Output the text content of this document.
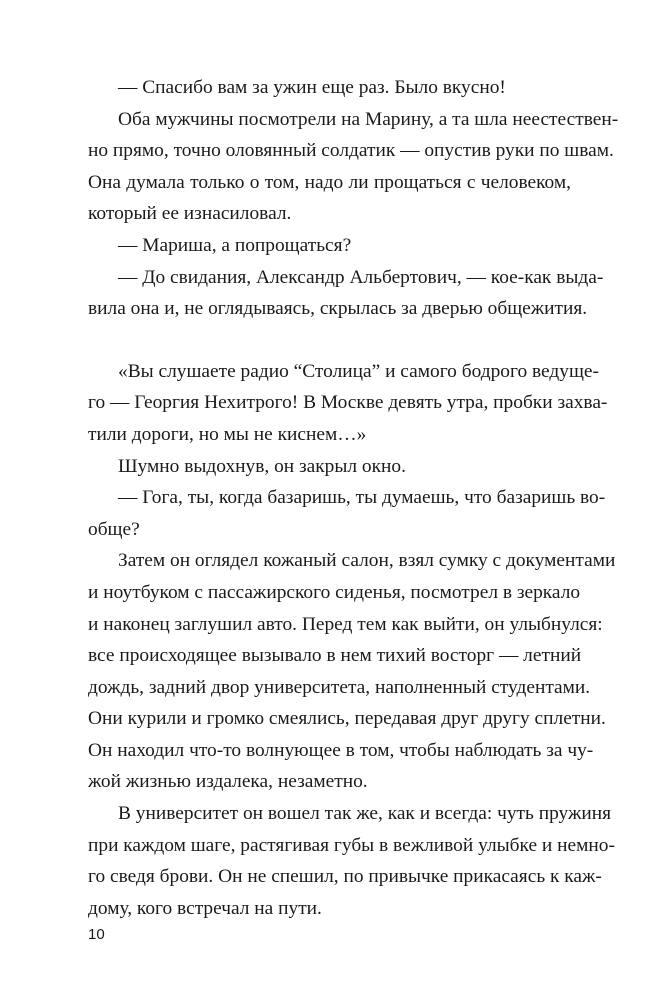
— Спасибо вам за ужин еще раз. Было вкусно!
Оба мужчины посмотрели на Марину, а та шла неестествен-
но прямо, точно оловянный солдатик — опустив руки по швам.
Она думала только о том, надо ли прощаться с человеком,
который ее изнасиловал.
— Мариша, а попрощаться?
— До свидания, Александр Альбертович, — кое-как выда-
вила она и, не оглядываясь, скрылась за дверью общежития.
«Вы слушаете радио “Столица” и самого бодрого ведуще-
го — Георгия Нехитрого! В Москве девять утра, пробки захва-
тили дороги, но мы не киснем…»
Шумно выдохнув, он закрыл окно.
— Гога, ты, когда базаришь, ты думаешь, что базаришь во-
обще?
Затем он оглядел кожаный салон, взял сумку с документами
и ноутбуком с пассажирского сиденья, посмотрел в зеркало
и наконец заглушил авто. Перед тем как выйти, он улыбнулся:
все происходящее вызывало в нем тихий восторг — летний
дождь, задний двор университета, наполненный студентами.
Они курили и громко смеялись, передавая друг другу сплетни.
Он находил что-то волнующее в том, чтобы наблюдать за чу-
жой жизнью издалека, незаметно.
В университет он вошел так же, как и всегда: чуть пружиня
при каждом шаге, растягивая губы в вежливой улыбке и немно-
го сведя брови. Он не спешил, по привычке прикасаясь к каж-
дому, кого встречал на пути.
10
